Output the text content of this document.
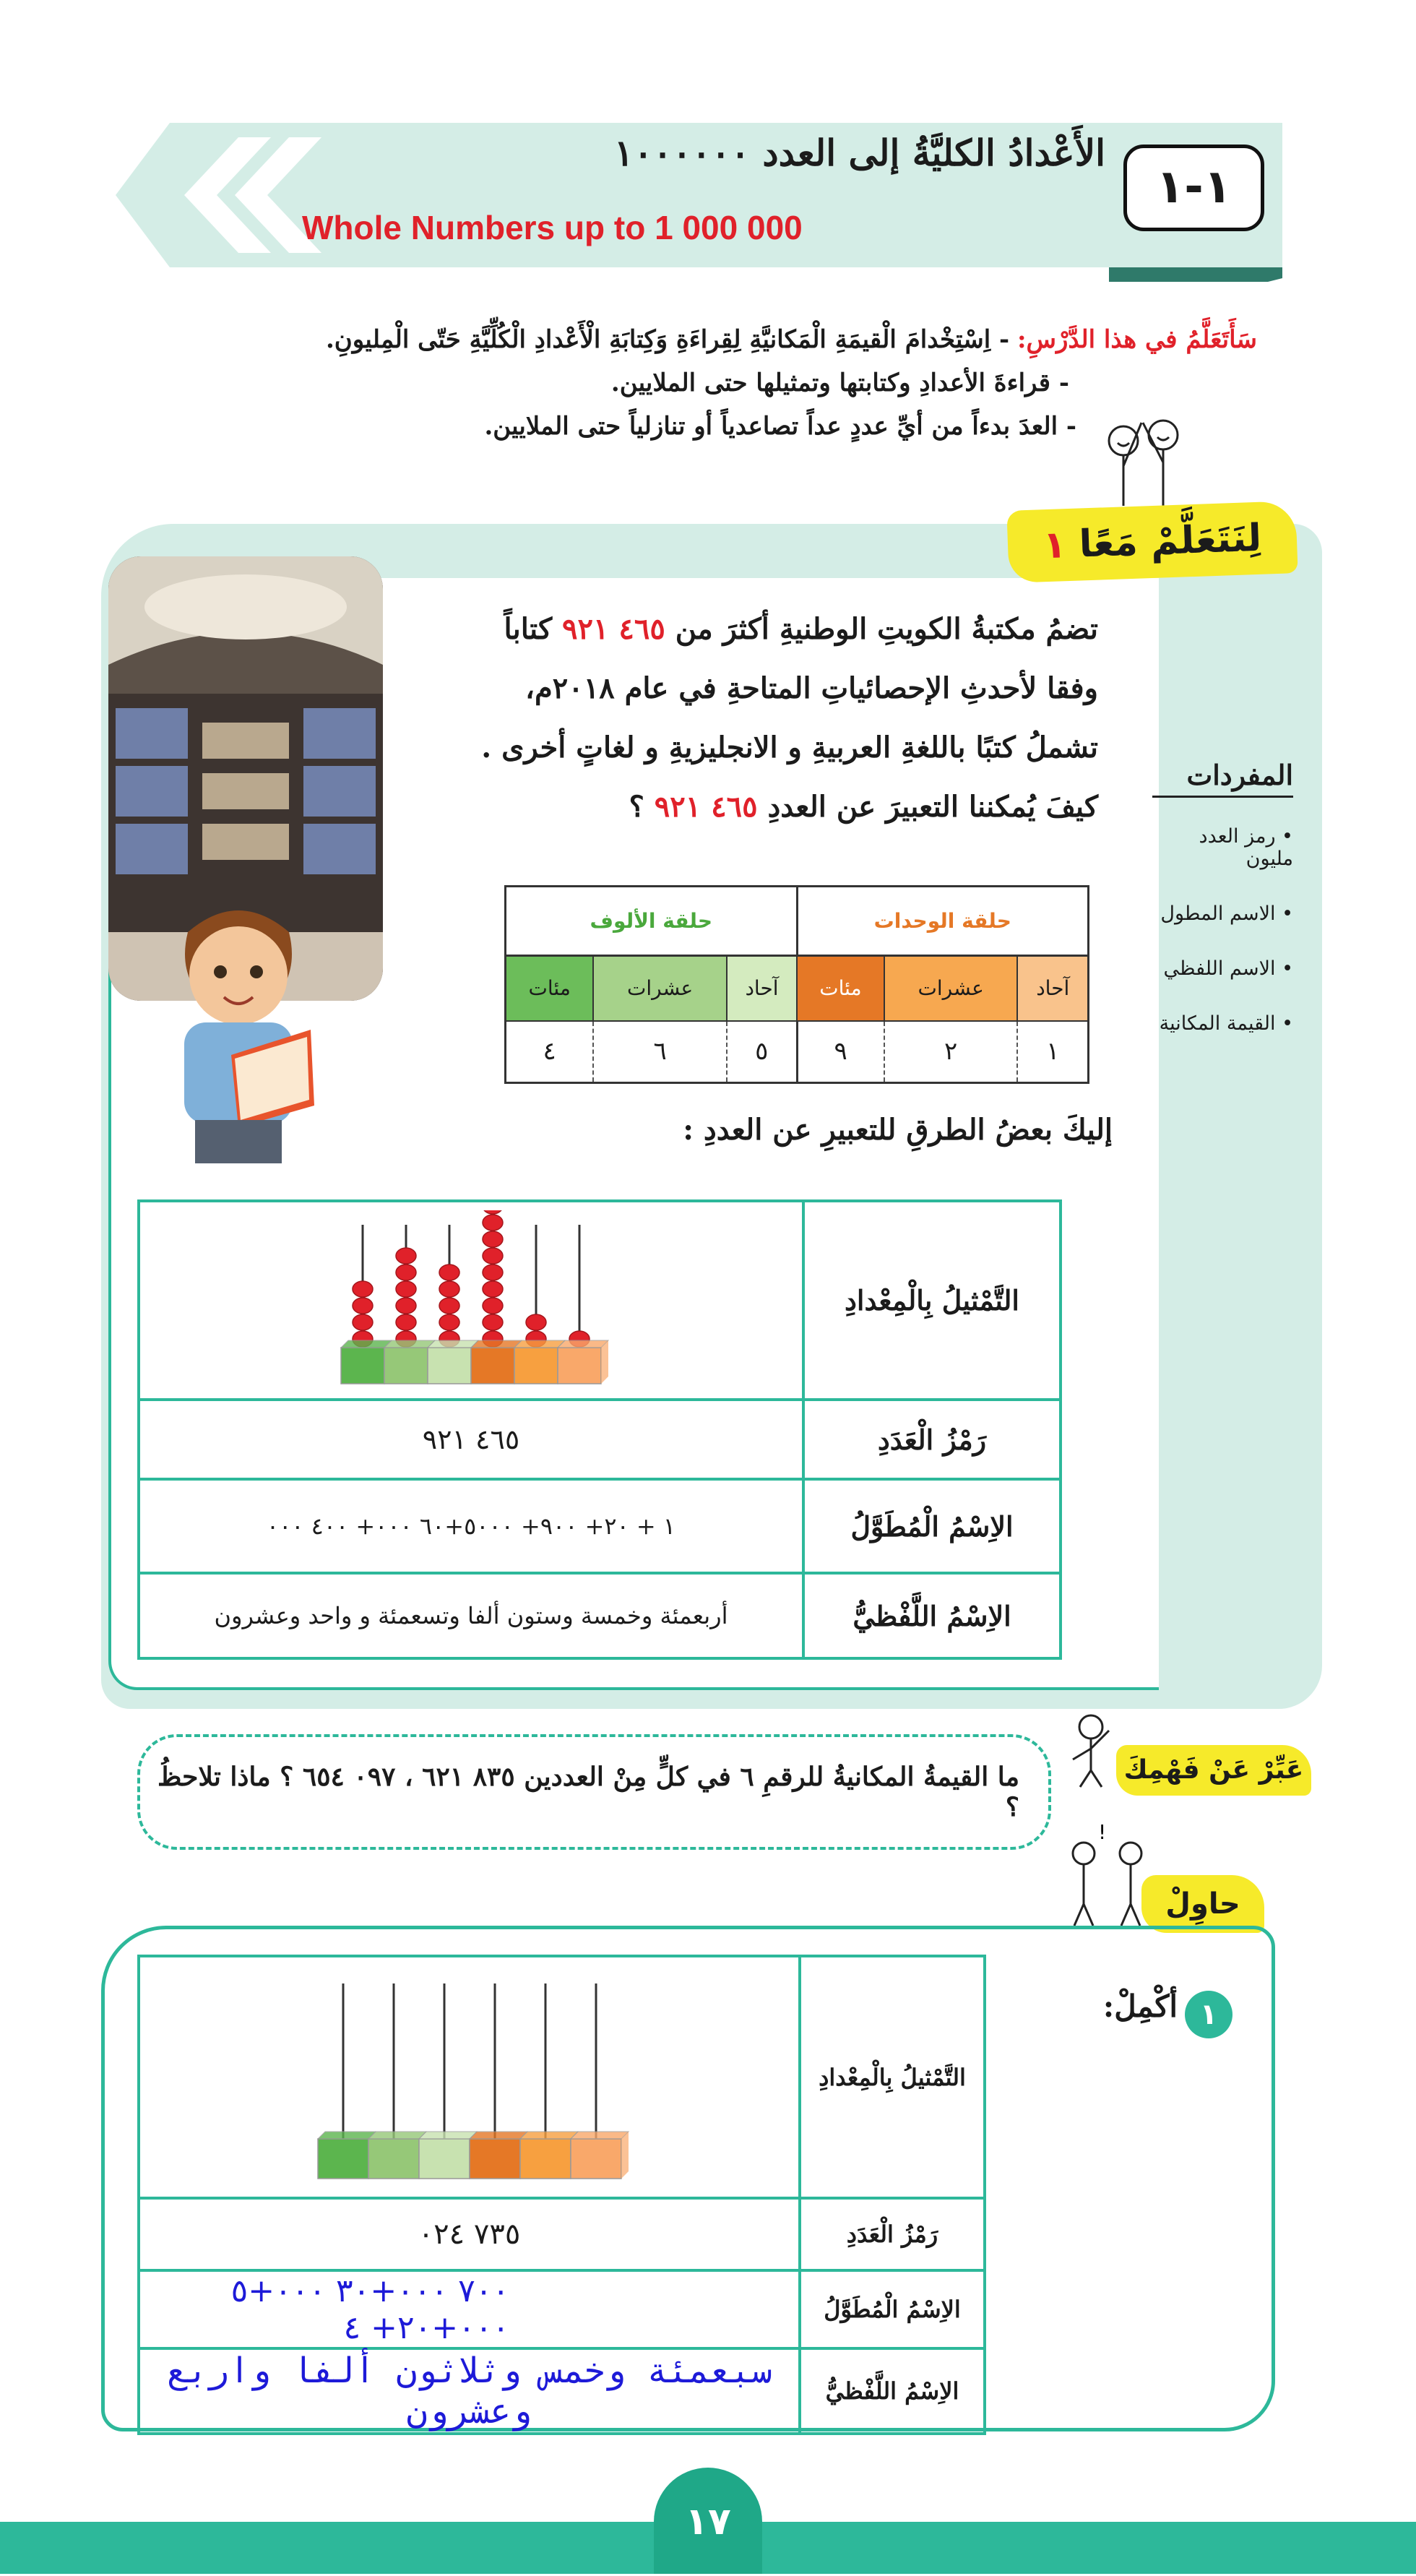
١-١
الأَعْدادُ الكليَّةُ إلى العدد ١٠٠٠٠٠٠
Whole Numbers up to 1 000 000
سَأَتَعَلَّمُ في هذا الدَّرْسِ: - اِسْتِخْدامَ الْقيمَةِ الْمَكانيَّةِ لِقِراءَةِ وَكِتابَةِ الْأَعْدادِ الْكُلِّيَّةِ حَتّى الْمِليونِ.
- قراءةَ الأعدادِ وكتابتها وتمثيلها حتى الملايين.
- العدَ بدءاً من أيِّ عددٍ عداً تصاعدياً أو تنازلياً حتى الملايين.
لِنَتَعَلَّمْ مَعًا ١
تضمُ مكتبةُ الكويتِ الوطنيةِ أكثرَ من ٤٦٥ ٩٢١ كتاباً
وفقا لأحدثِ الإحصائياتِ المتاحةِ في عام ٢٠١٨م،
تشملُ كتبًا باللغةِ العربيةِ و الانجليزيةِ و لغاتٍ أخرى .
كيفَ يُمكننا التعبيرَ عن العددِ ٤٦٥ ٩٢١ ؟
المفردات
• رمز العدد مليون
• الاسم المطول
• الاسم اللفظي
• القيمة المكانية
حلقة الوحدات			حلقة الألوف		
آحاد	عشرات	مئات	آحاد	عشرات	مئات
١	٢	٩	٥	٦	٤
إليكَ بعضُ الطرقِ للتعبيرِ عن العددِ :
التَّمْثيلُ بِالْمِعْدادِ	

رَمْزُ الْعَدَدِ	٤٦٥ ٩٢١
الاِسْمُ الْمُطَوَّلُ	١ + ٢٠+ ٩٠٠+ ٥٠٠٠+٦٠ ٠٠٠+ ٤٠٠ ٠٠٠
الاِسْمُ اللَّفْظيُّ	أربعمئة وخمسة وستون ألفا وتسعمئة و واحد وعشرون
عَبِّرْ عَنْ فَهْمِكَ
ما القيمةُ المكانيةُ للرقمِ ٦ في كلٍّ مِنْ العددين ٨٣٥ ٦٢١ ، ٠٩٧ ٦٥٤ ؟ ماذا تلاحظُ ؟
!
حاوِلْ
١
أكْمِلْ:
التَّمْثيلُ بِالْمِعْدادِ	

رَمْزُ الْعَدَدِ	٧٣٥ ٠٢٤
الاِسْمُ الْمُطَوَّلُ	٧٠٠ ٠٠٠+٣٠ ٠٠٠+٥ ٠٠٠+٢٠+ ٤
الاِسْمُ اللَّفْظيُّ	سبعمئة وخمس وثلاثون ألفا واربع وعشرون
١٧
